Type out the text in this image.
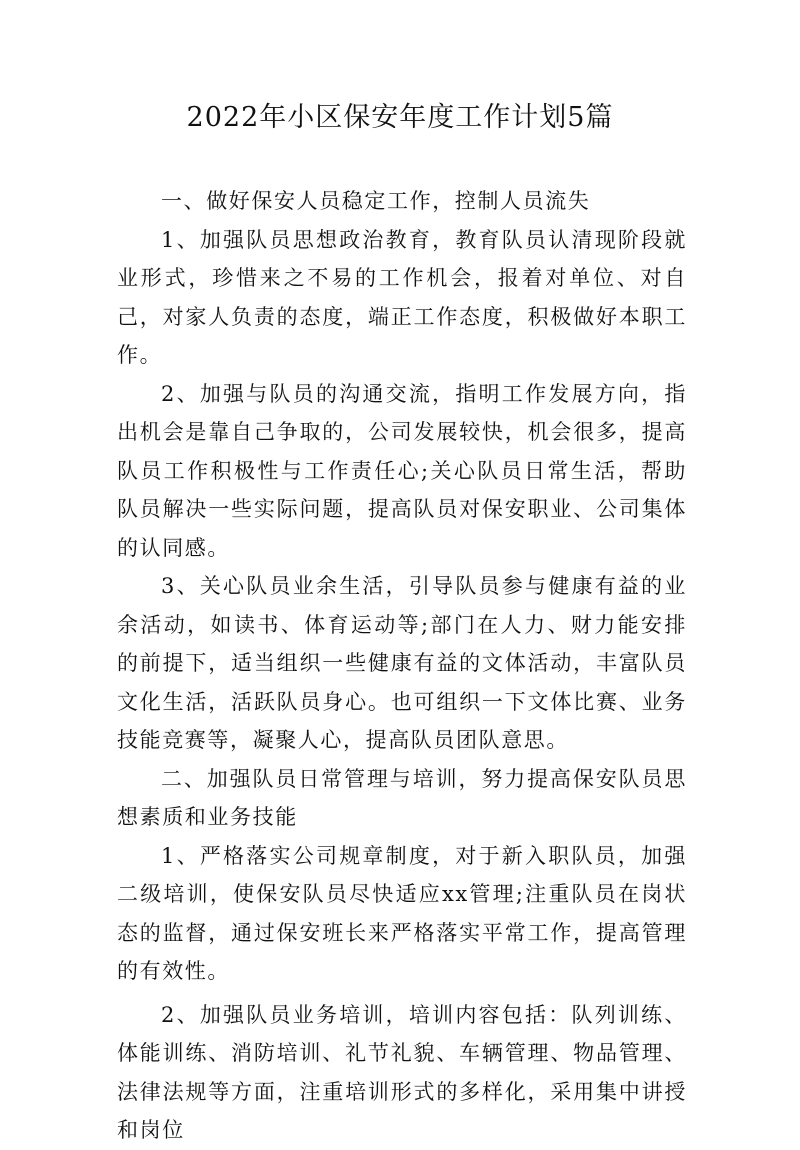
2022年小区保安年度工作计划5篇

一、做好保安人员稳定工作，控制人员流失

1、加强队员思想政治教育，教育队员认清现阶段就业形式，珍惜来之不易的工作机会，报着对单位、对自己，对家人负责的态度，端正工作态度，积极做好本职工作。

2、加强与队员的沟通交流，指明工作发展方向，指出机会是靠自己争取的，公司发展较快，机会很多，提高队员工作积极性与工作责任心;关心队员日常生活，帮助队员解决一些实际问题，提高队员对保安职业、公司集体的认同感。

3、关心队员业余生活，引导队员参与健康有益的业余活动，如读书、体育运动等;部门在人力、财力能安排的前提下，适当组织一些健康有益的文体活动，丰富队员文化生活，活跃队员身心。也可组织一下文体比赛、业务技能竞赛等，凝聚人心，提高队员团队意思。

二、加强队员日常管理与培训，努力提高保安队员思想素质和业务技能

1、严格落实公司规章制度，对于新入职队员，加强二级培训，使保安队员尽快适应xx管理;注重队员在岗状态的监督，通过保安班长来严格落实平常工作，提高管理的有效性。

2、加强队员业务培训，培训内容包括：队列训练、体能训练、消防培训、礼节礼貌、车辆管理、物品管理、法律法规等方面，注重培训形式的多样化，采用集中讲授和岗位
